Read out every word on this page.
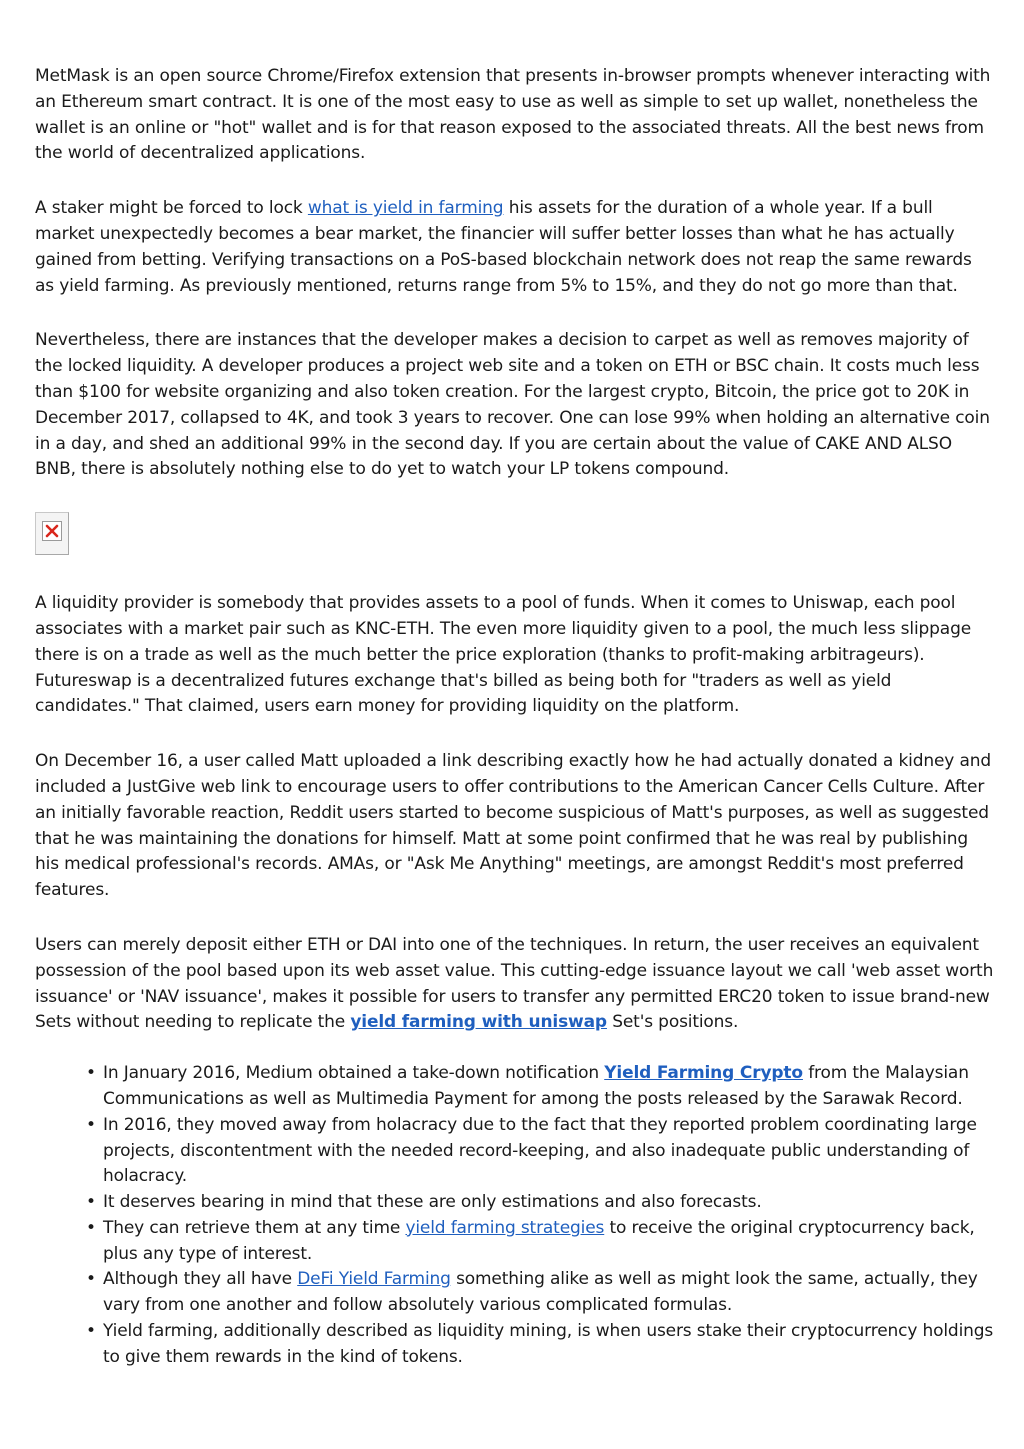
MetMask is an open source Chrome/Firefox extension that presents in-browser prompts whenever interacting with an Ethereum smart contract. It is one of the most easy to use as well as simple to set up wallet, nonetheless the wallet is an online or "hot" wallet and is for that reason exposed to the associated threats. All the best news from the world of decentralized applications.

A staker might be forced to lock what is yield in farming his assets for the duration of a whole year. If a bull market unexpectedly becomes a bear market, the financier will suffer better losses than what he has actually gained from betting. Verifying transactions on a PoS-based blockchain network does not reap the same rewards as yield farming. As previously mentioned, returns range from 5% to 15%, and they do not go more than that.

Nevertheless, there are instances that the developer makes a decision to carpet as well as removes majority of the locked liquidity. A developer produces a project web site and a token on ETH or BSC chain. It costs much less than $100 for website organizing and also token creation. For the largest crypto, Bitcoin, the price got to 20K in December 2017, collapsed to 4K, and took 3 years to recover. One can lose 99% when holding an alternative coin in a day, and shed an additional 99% in the second day. If you are certain about the value of CAKE AND ALSO BNB, there is absolutely nothing else to do yet to watch your LP tokens compound.

A liquidity provider is somebody that provides assets to a pool of funds. When it comes to Uniswap, each pool associates with a market pair such as KNC-ETH. The even more liquidity given to a pool, the much less slippage there is on a trade as well as the much better the price exploration (thanks to profit-making arbitrageurs). Futureswap is a decentralized futures exchange that's billed as being both for "traders as well as yield candidates." That claimed, users earn money for providing liquidity on the platform.

On December 16, a user called Matt uploaded a link describing exactly how he had actually donated a kidney and included a JustGive web link to encourage users to offer contributions to the American Cancer Cells Culture. After an initially favorable reaction, Reddit users started to become suspicious of Matt's purposes, as well as suggested that he was maintaining the donations for himself. Matt at some point confirmed that he was real by publishing his medical professional's records. AMAs, or "Ask Me Anything" meetings, are amongst Reddit's most preferred features.

Users can merely deposit either ETH or DAI into one of the techniques. In return, the user receives an equivalent possession of the pool based upon its web asset value. This cutting-edge issuance layout we call 'web asset worth issuance' or 'NAV issuance', makes it possible for users to transfer any permitted ERC20 token to issue brand-new Sets without needing to replicate the yield farming with uniswap Set's positions.

• In January 2016, Medium obtained a take-down notification Yield Farming Crypto from the Malaysian Communications as well as Multimedia Payment for among the posts released by the Sarawak Record.
• In 2016, they moved away from holacracy due to the fact that they reported problem coordinating large projects, discontentment with the needed record-keeping, and also inadequate public understanding of holacracy.
• It deserves bearing in mind that these are only estimations and also forecasts.
• They can retrieve them at any time yield farming strategies to receive the original cryptocurrency back, plus any type of interest.
• Although they all have DeFi Yield Farming something alike as well as might look the same, actually, they vary from one another and follow absolutely various complicated formulas.
• Yield farming, additionally described as liquidity mining, is when users stake their cryptocurrency holdings to give them rewards in the kind of tokens.
